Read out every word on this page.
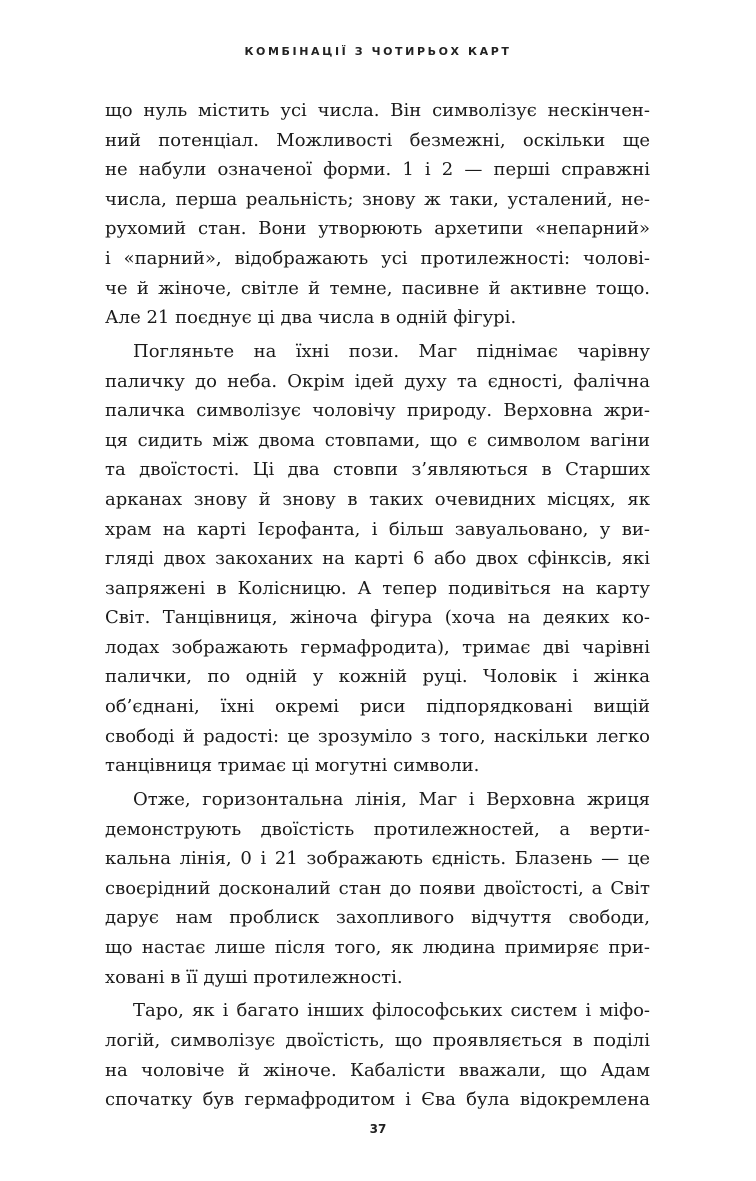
КОМБІНАЦІЇ З ЧОТИРЬОХ КАРТ
що нуль містить усі числа. Він символізує нескінчен-
ний потенціал. Можливості безмежні, оскільки ще
не набули означеної форми. 1 і 2 — перші справжні
числа, перша реальність; знову ж таки, усталений, не-
рухомий стан. Вони утворюють архетипи «непарний»
і «парний», відображають усі протилежності: чолові-
че й жіноче, світле й темне, пасивне й активне тощо.
Але 21 поєднує ці два числа в одній фігурі.
Погляньте на їхні пози. Маг піднімає чарівну
паличку до неба. Окрім ідей духу та єдності, фалічна
паличка символізує чоловічу природу. Верховна жри-
ця сидить між двома стовпами, що є символом вагіни
та двоїстості. Ці два стовпи з’являються в Старших
арканах знову й знову в таких очевидних місцях, як
храм на карті Ієрофанта, і більш завуальовано, у ви-
гляді двох закоханих на карті 6 або двох сфінксів, які
запряжені в Колісницю. А тепер подивіться на карту
Світ. Танцівниця, жіноча фігура (хоча на деяких ко-
лодах зображають гермафродита), тримає дві чарівні
палички, по одній у кожній руці. Чоловік і жінка
об’єднані, їхні окремі риси підпорядковані вищій
свободі й радості: це зрозуміло з того, наскільки легко
танцівниця тримає ці могутні символи.
Отже, горизонтальна лінія, Маг і Верховна жриця
демонструють двоїстість протилежностей, а верти-
кальна лінія, 0 і 21 зображають єдність. Блазень — це
своєрідний досконалий стан до появи двоїстості, а Світ
дарує нам проблиск захопливого відчуття свободи,
що настає лише після того, як людина примиряє при-
ховані в її душі протилежності.
Таро, як і багато інших філософських систем і міфо-
логій, символізує двоїстість, що проявляється в поділі
на чоловіче й жіноче. Кабалісти вважали, що Адам
спочатку був гермафродитом і Єва була відокремлена
37
